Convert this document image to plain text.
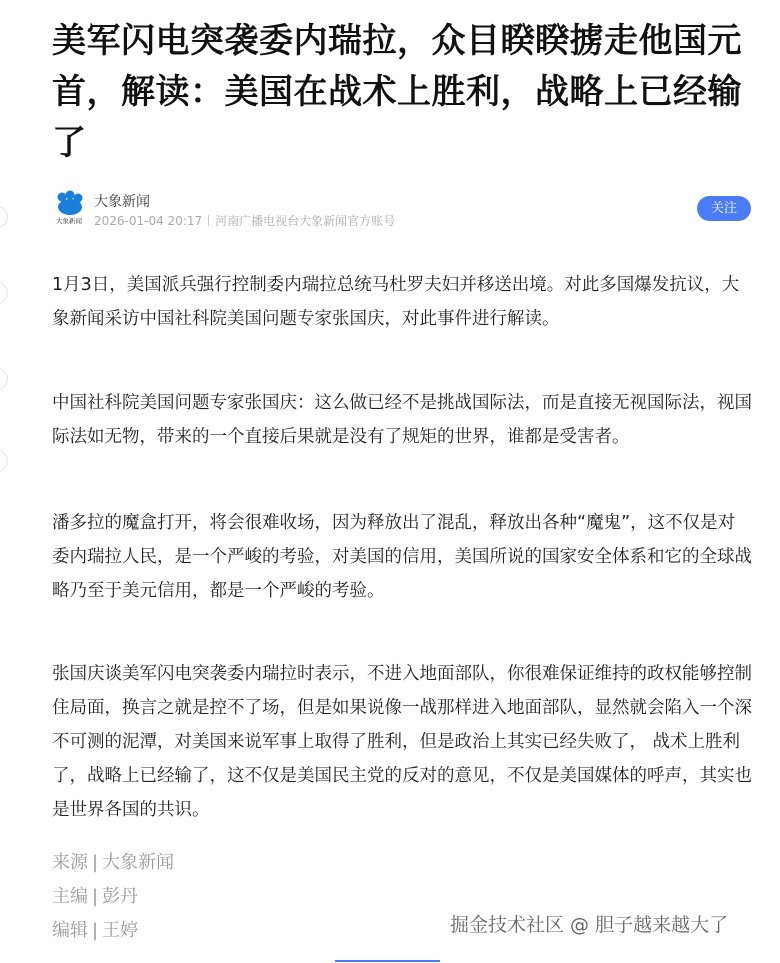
美军闪电突袭委内瑞拉，众目睽睽掳走他国元首，解读：美国在战术上胜利，战略上已经输了
大象新闻
大象新闻
2026-01-04 20:17 河南广播电视台大象新闻官方账号
关注

1月3日，美国派兵强行控制委内瑞拉总统马杜罗夫妇并移送出境。对此多国爆发抗议，大象新闻采访中国社科院美国问题专家张国庆，对此事件进行解读。

中国社科院美国问题专家张国庆：这么做已经不是挑战国际法，而是直接无视国际法，视国际法如无物，带来的一个直接后果就是没有了规矩的世界，谁都是受害者。

潘多拉的魔盒打开，将会很难收场，因为释放出了混乱，释放出各种“魔鬼”，这不仅是对委内瑞拉人民，是一个严峻的考验，对美国的信用，美国所说的国家安全体系和它的全球战略乃至于美元信用，都是一个严峻的考验。

张国庆谈美军闪电突袭委内瑞拉时表示，不进入地面部队，你很难保证维持的政权能够控制住局面，换言之就是控不了场，但是如果说像一战那样进入地面部队，显然就会陷入一个深不可测的泥潭，对美国来说军事上取得了胜利，但是政治上其实已经失败了， 战术上胜利了，战略上已经输了，这不仅是美国民主党的反对的意见，不仅是美国媒体的呼声，其实也是世界各国的共识。

来源 | 大象新闻
主编 | 彭丹
编辑 | 王婷	掘金技术社区 @ 胆子越来越大了
